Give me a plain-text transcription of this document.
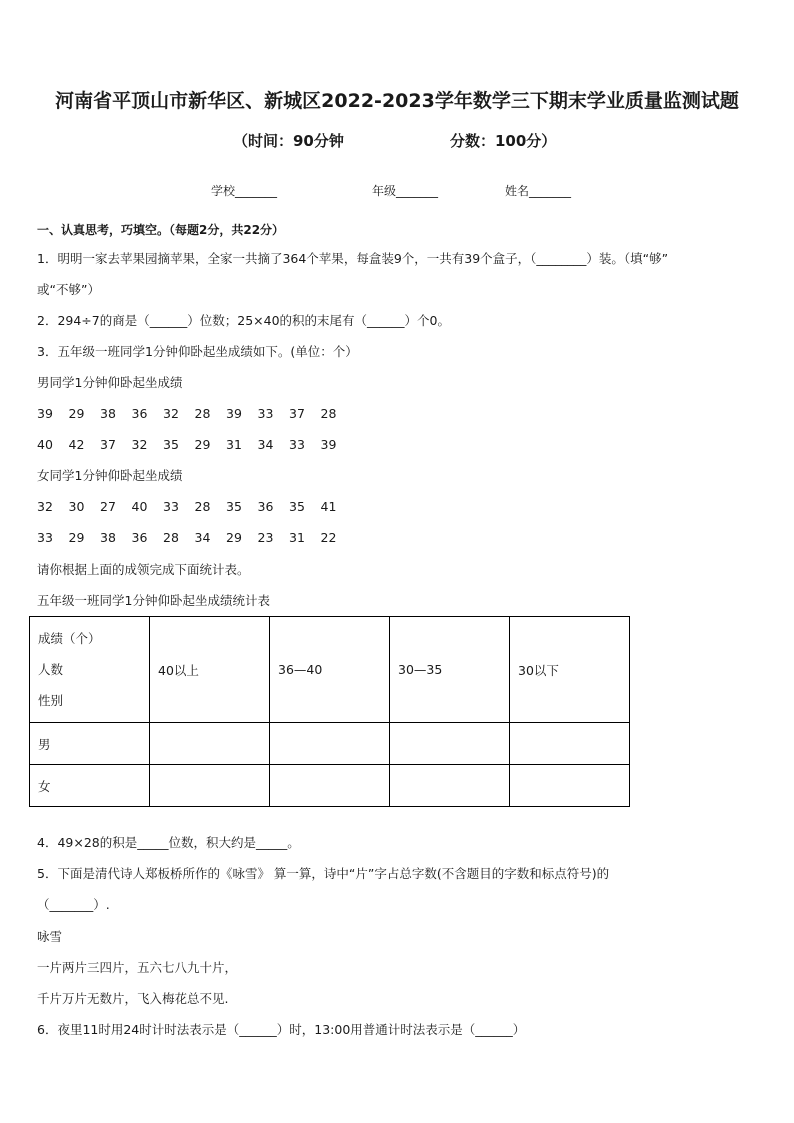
河南省平顶山市新华区、新城区2022-2023学年数学三下期末学业质量监测试题
（时间：90分钟	分数：100分）
学校_______	年级_______	姓名_______
一、认真思考，巧填空。（每题2分，共22分）
1．明明一家去苹果园摘苹果，全家一共摘了364个苹果，每盒装9个，一共有39个盒子，（________）装。（填“够”
或“不够”）
2．294÷7的商是（______）位数；25×40的积的末尾有（______）个0。
3．五年级一班同学1分钟仰卧起坐成绩如下。(单位：个）
男同学1分钟仰卧起坐成绩
39 29 38 36 32 28 39 33 37 28
40 42 37 32 35 29 31 34 33 39
女同学1分钟仰卧起坐成绩
32 30 27 40 33 28 35 36 35 41
33 29 38 36 28 34 29 23 31 22
请你根据上面的成领完成下面统计表。
五年级一班同学1分钟仰卧起坐成绩统计表
成绩（个）
人数
性别	40以上	36—40	30—35	30以下
男				
女				
4．49×28的积是_____位数，积大约是_____。
5．下面是清代诗人郑板桥所作的《咏雪》 算一算，诗中“片”字占总字数(不含题目的字数和标点符号)的
（_______）.
咏雪
一片两片三四片，五六七八九十片，
千片万片无数片，飞入梅花总不见.
6．夜里11时用24时计时法表示是（______）时，13:00用普通计时法表示是（______）
